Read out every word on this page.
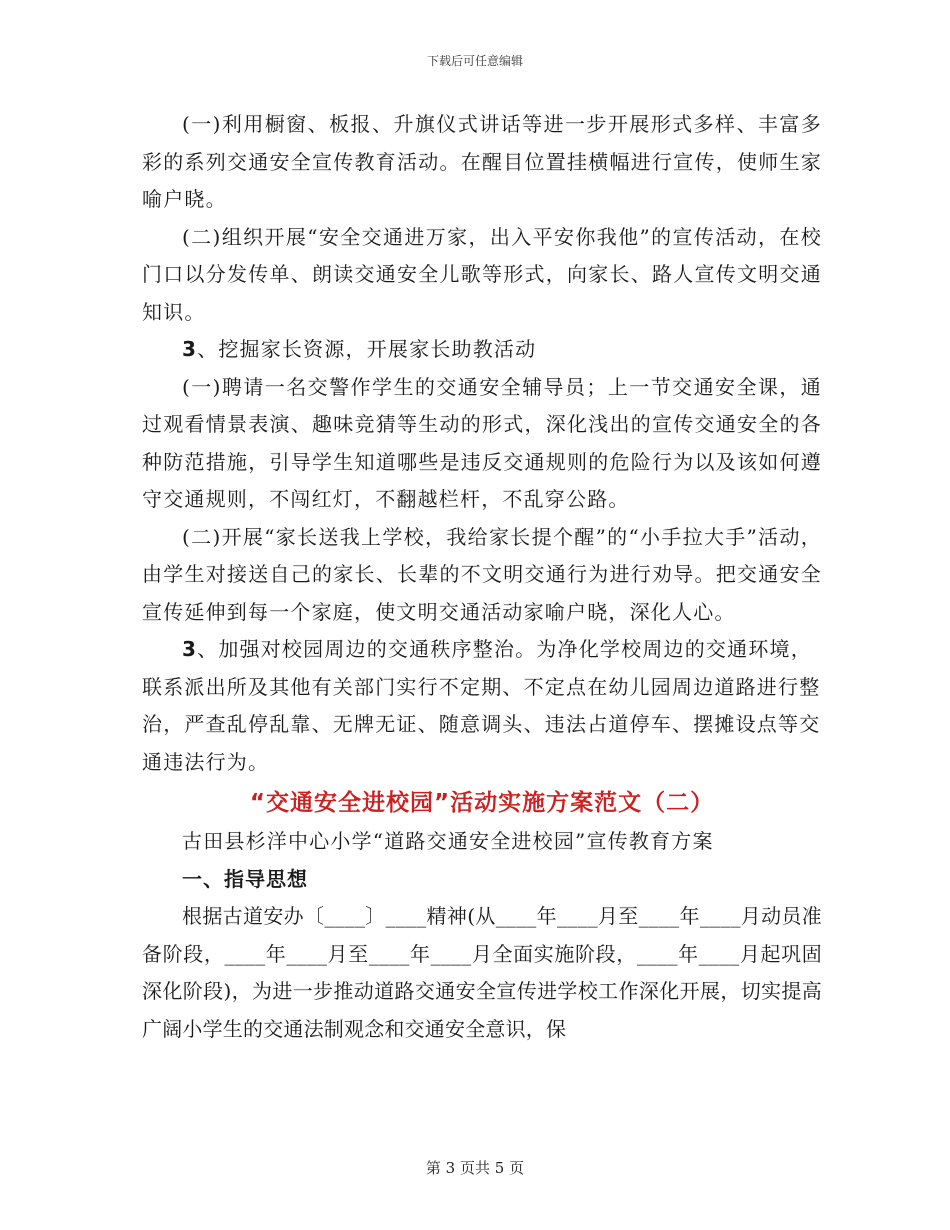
下载后可任意编辑

(一)利用橱窗、板报、升旗仪式讲话等进一步开展形式多样、丰富多彩的系列交通安全宣传教育活动。在醒目位置挂横幅进行宣传，使师生家喻户晓。

(二)组织开展“安全交通进万家，出入平安你我他”的宣传活动，在校门口以分发传单、朗读交通安全儿歌等形式，向家长、路人宣传文明交通知识。

3、挖掘家长资源，开展家长助教活动

(一)聘请一名交警作学生的交通安全辅导员；上一节交通安全课，通过观看情景表演、趣味竞猜等生动的形式，深化浅出的宣传交通安全的各种防范措施，引导学生知道哪些是违反交通规则的危险行为以及该如何遵守交通规则，不闯红灯，不翻越栏杆，不乱穿公路。

(二)开展“家长送我上学校，我给家长提个醒”的“小手拉大手”活动，由学生对接送自己的家长、长辈的不文明交通行为进行劝导。把交通安全宣传延伸到每一个家庭，使文明交通活动家喻户晓，深化人心。

3、加强对校园周边的交通秩序整治。为净化学校周边的交通环境，联系派出所及其他有关部门实行不定期、不定点在幼儿园周边道路进行整治，严查乱停乱靠、无牌无证、随意调头、违法占道停车、摆摊设点等交通违法行为。

“交通安全进校园”活动实施方案范文（二）

古田县杉洋中心小学“道路交通安全进校园”宣传教育方案

一、指导思想

根据古道安办〔____〕____精神(从____年____月至____年____月动员准备阶段，____年____月至____年____月全面实施阶段，____年____月起巩固深化阶段)，为进一步推动道路交通安全宣传进学校工作深化开展，切实提高广阔小学生的交通法制观念和交通安全意识，保

第 3 页共 5 页
